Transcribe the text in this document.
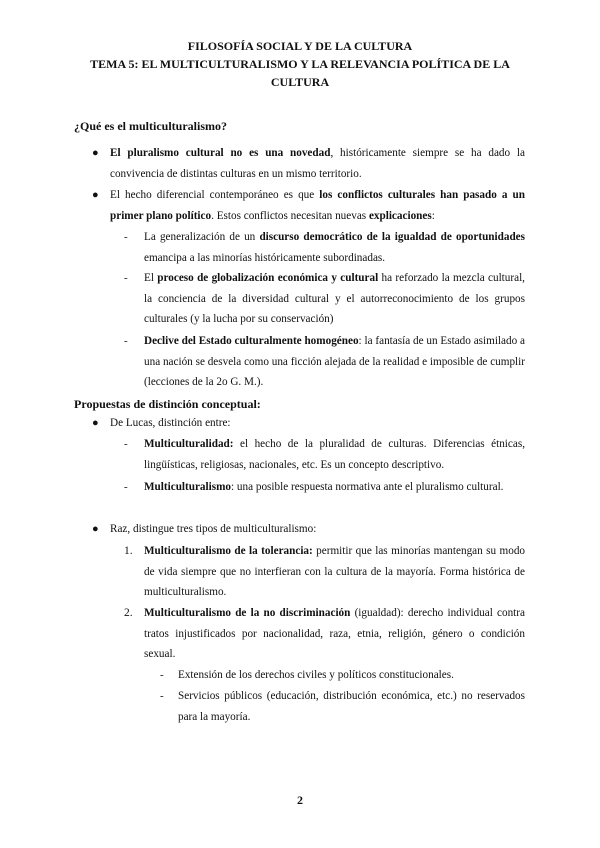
FILOSOFÍA SOCIAL Y DE LA CULTURA
TEMA 5: EL MULTICULTURALISMO Y LA RELEVANCIA POLÍTICA DE LA CULTURA
¿Qué es el multiculturalismo?
● El pluralismo cultural no es una novedad, históricamente siempre se ha dado la convivencia de distintas culturas en un mismo territorio.
● El hecho diferencial contemporáneo es que los conflictos culturales han pasado a un primer plano político. Estos conflictos necesitan nuevas explicaciones:
- La generalización de un discurso democrático de la igualdad de oportunidades emancipa a las minorías históricamente subordinadas.
- El proceso de globalización económica y cultural ha reforzado la mezcla cultural, la conciencia de la diversidad cultural y el autorreconocimiento de los grupos culturales (y la lucha por su conservación)
- Declive del Estado culturalmente homogéneo: la fantasía de un Estado asimilado a una nación se desvela como una ficción alejada de la realidad e imposible de cumplir (lecciones de la 2o G. M.).
Propuestas de distinción conceptual:
● De Lucas, distinción entre:
- Multiculturalidad: el hecho de la pluralidad de culturas. Diferencias étnicas, lingüísticas, religiosas, nacionales, etc. Es un concepto descriptivo.
- Multiculturalismo: una posible respuesta normativa ante el pluralismo cultural.
● Raz, distingue tres tipos de multiculturalismo:
1. Multiculturalismo de la tolerancia: permitir que las minorías mantengan su modo de vida siempre que no interfieran con la cultura de la mayoría. Forma histórica de multiculturalismo.
2. Multiculturalismo de la no discriminación (igualdad): derecho individual contra tratos injustificados por nacionalidad, raza, etnia, religión, género o condición sexual.
- Extensión de los derechos civiles y políticos constitucionales.
- Servicios públicos (educación, distribución económica, etc.) no reservados para la mayoría.
2
